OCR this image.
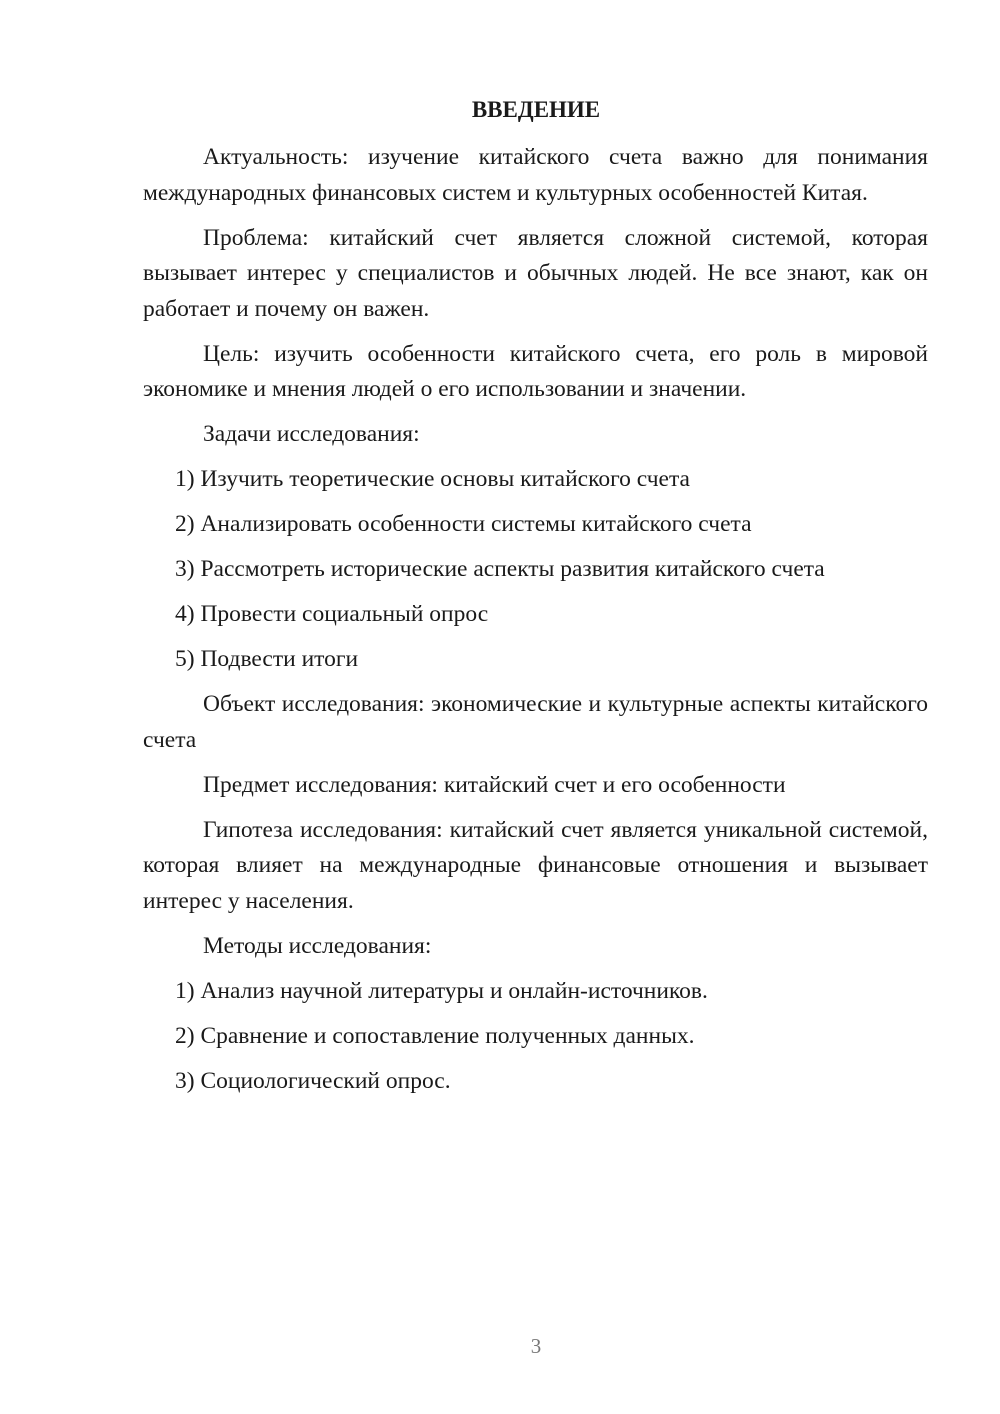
ВВЕДЕНИЕ

Актуальность: изучение китайского счета важно для понимания международных финансовых систем и культурных особенностей Китая.

Проблема: китайский счет является сложной системой, которая вызывает интерес у специалистов и обычных людей. Не все знают, как он работает и почему он важен.

Цель: изучить особенности китайского счета, его роль в мировой экономике и мнения людей о его использовании и значении.

Задачи исследования:

1) Изучить теоретические основы китайского счета

2) Анализировать особенности системы китайского счета

3) Рассмотреть исторические аспекты развития китайского счета

4) Провести социальный опрос

5) Подвести итоги

Объект исследования: экономические и культурные аспекты китайского счета

Предмет исследования: китайский счет и его особенности

Гипотеза исследования: китайский счет является уникальной системой, которая влияет на международные финансовые отношения и вызывает интерес у населения.

Методы исследования:

1) Анализ научной литературы и онлайн-источников.

2) Сравнение и сопоставление полученных данных.

3) Социологический опрос.

3
